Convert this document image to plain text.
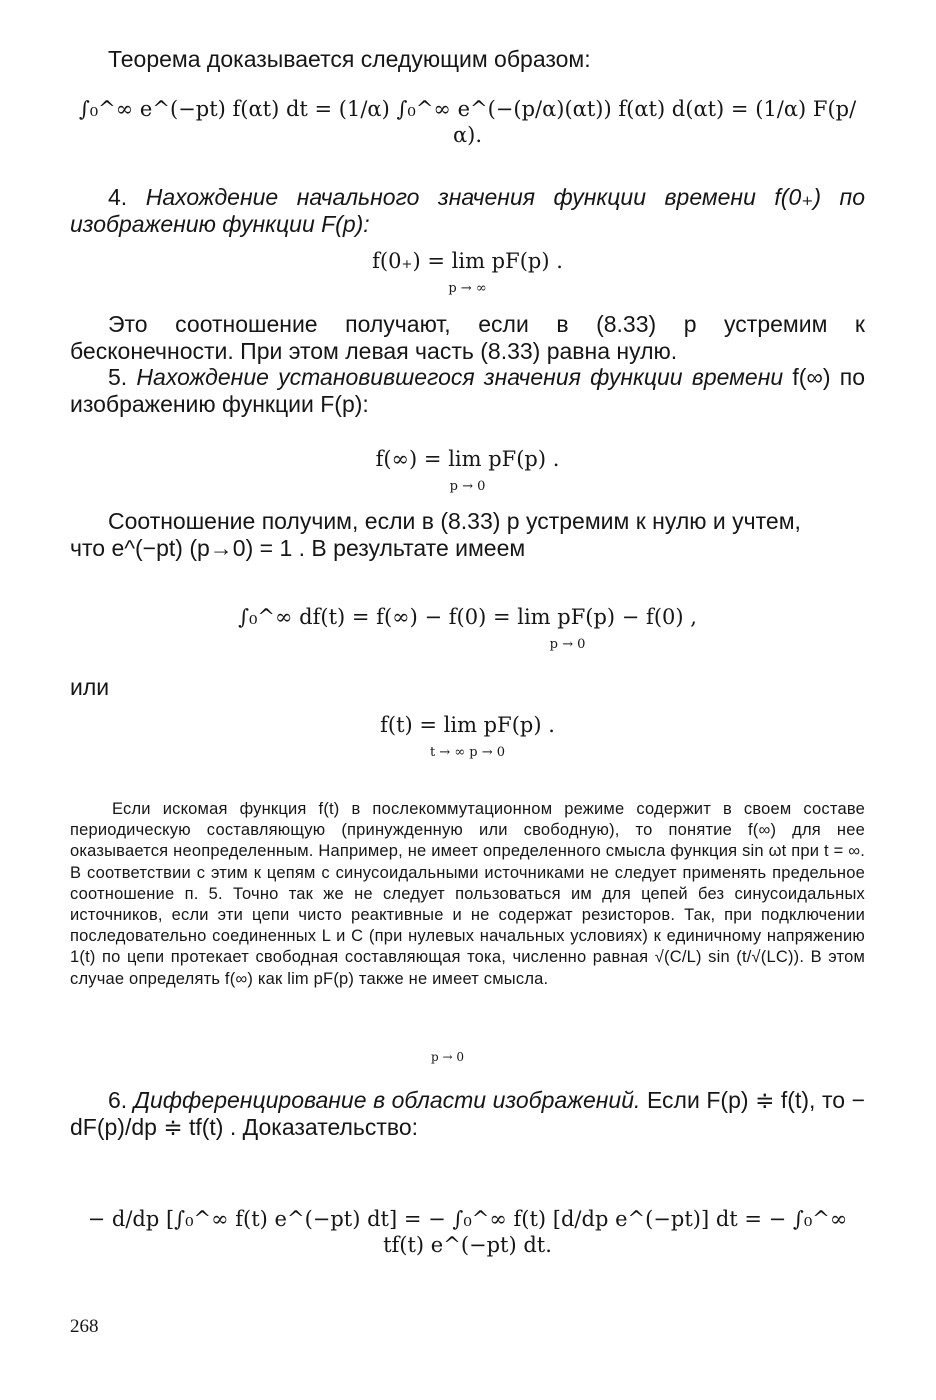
Теорема доказывается следующим образом:

∫₀^∞ e^(−pt) f(αt) dt = (1/α) ∫₀^∞ e^(−(p/α)(αt)) f(αt) d(αt) = (1/α) F(p/α).

4. Нахождение начального значения функции времени f(0₊) по изображению функции F(p):

f(0₊) = lim pF(p) .
p → ∞

Это соотношение получают, если в (8.33) p устремим к бесконечности. При этом левая часть (8.33) равна нулю.

5. Нахождение установившегося значения функции времени f(∞) по изображению функции F(p):

f(∞) = lim pF(p) .
p → 0

Соотношение получим, если в (8.33) p устремим к нулю и учтем,

что e^(−pt) (p→0) = 1 . В результате имеем

∫₀^∞ df(t) = f(∞) − f(0) = lim pF(p) − f(0) ,
p → 0

или

f(t) = lim pF(p) .
t → ∞ p → 0

Если искомая функция f(t) в послекоммутационном режиме содержит в своем составе периодическую составляющую (принужденную или свободную), то понятие f(∞) для нее оказывается неопределенным. Например, не имеет определенного смысла функция sin ωt при t = ∞. В соответствии с этим к цепям с синусоидальными источниками не следует применять предельное соотношение п. 5. Точно так же не следует пользоваться им для цепей без синусоидальных источников, если эти цепи чисто реактивные и не содержат резисторов. Так, при подключении последовательно соединенных L и C (при нулевых начальных условиях) к единичному напряжению 1(t) по цепи протекает свободная составляющая тока, численно равная √(C/L) sin (t/√(LC)). В этом случае определять f(∞) как lim pF(p) также не имеет смысла.

p → 0

6. Дифференцирование в области изображений. Если F(p) ≑ f(t), то − dF(p)/dp ≑ tf(t) . Доказательство:

− d/dp [∫₀^∞ f(t) e^(−pt) dt] = − ∫₀^∞ f(t) [d/dp e^(−pt)] dt = − ∫₀^∞ tf(t) e^(−pt) dt.
268
